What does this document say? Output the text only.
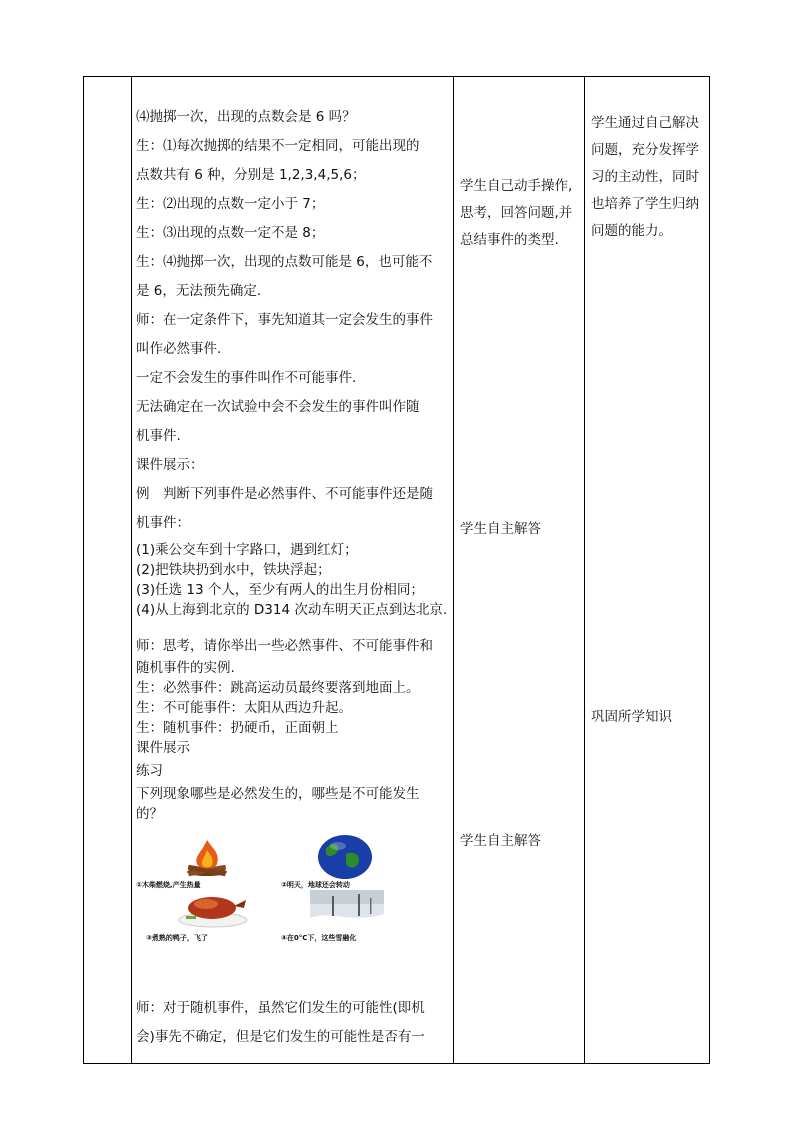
⑷抛掷一次，出现的点数会是 6 吗？

生：⑴每次抛掷的结果不一定相同，可能出现的

点数共有 6 种，分别是 1,2,3,4,5,6；

生：⑵出现的点数一定小于 7；

生：⑶出现的点数一定不是 8；

生：⑷抛掷一次，出现的点数可能是 6，也可能不

是 6，无法预先确定.

师：在一定条件下，事先知道其一定会发生的事件

叫作必然事件.

一定不会发生的事件叫作不可能事件.

无法确定在一次试验中会不会发生的事件叫作随

机事件.

课件展示：

例　判断下列事件是必然事件、不可能事件还是随

机事件：

(1)乘公交车到十字路口，遇到红灯；

(2)把铁块扔到水中，铁块浮起；

(3)任选 13 个人，至少有两人的出生月份相同；

(4)从上海到北京的 D314 次动车明天正点到达北京.

师：思考，请你举出一些必然事件、不可能事件和

随机事件的实例.

生：必然事件：跳高运动员最终要落到地面上。

生：不可能事件：太阳从西边升起。

生：随机事件：扔硬币，正面朝上

课件展示

练习

下列现象哪些是必然发生的，哪些是不可能发生

的？

①木柴燃烧,产生热量	②明天，地球还会转动
③煮熟的鸭子，飞了	④在0°C下，这些雪融化

师：对于随机事件，虽然它们发生的可能性(即机

会)事先不确定，但是它们发生的可能性是否有一

学生自己动手操作,
思考，回答问题,并
总结事件的类型.
学生自主解答
学生自主解答
学生通过自己解决
问题，充分发挥学
习的主动性，同时
也培养了学生归纳
问题的能力。
巩固所学知识
